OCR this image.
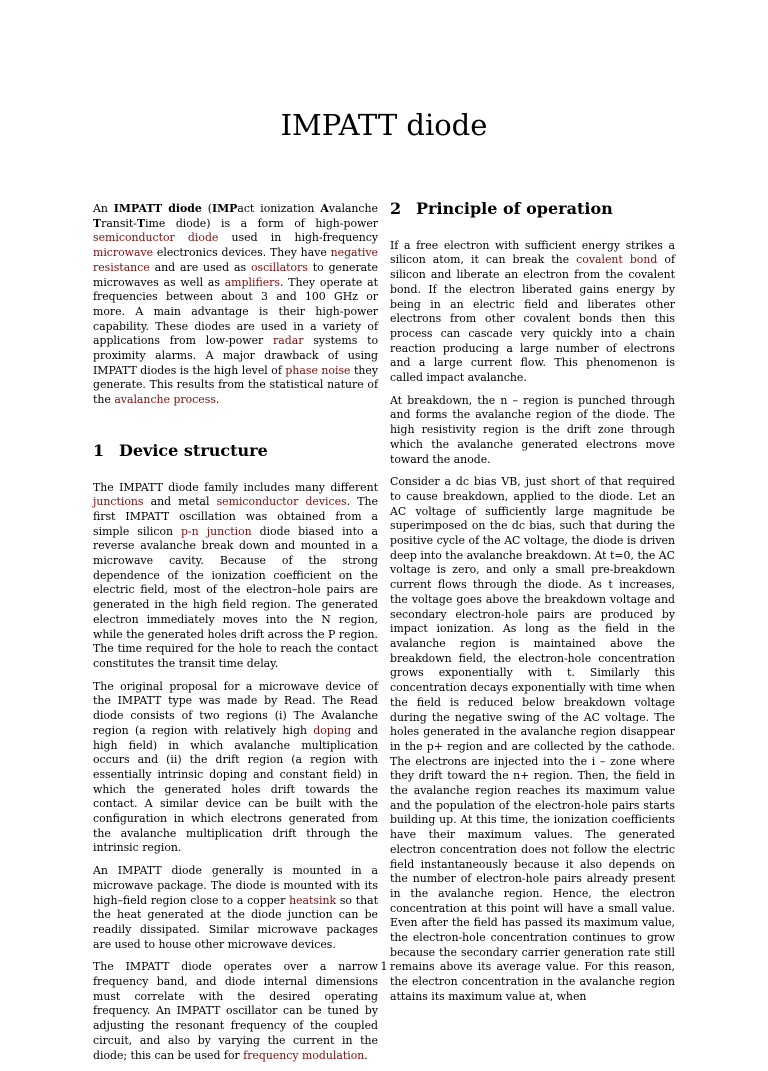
IMPATT diode

An IMPATT diode (IMPact ionization Avalanche Transit-Time diode) is a form of high-power semiconductor diode used in high-frequency microwave electronics devices. They have negative resistance and are used as oscillators to generate microwaves as well as amplifiers. They operate at frequencies between about 3 and 100 GHz or more. A main advantage is their high-power capability. These diodes are used in a variety of applications from low-power radar systems to proximity alarms. A major drawback of using IMPATT diodes is the high level of phase noise they generate. This results from the statistical nature of the avalanche process.

1 Device structure

The IMPATT diode family includes many different junctions and metal semiconductor devices. The first IMPATT oscillation was obtained from a simple silicon p-n junction diode biased into a reverse avalanche break down and mounted in a microwave cavity. Because of the strong dependence of the ionization coefficient on the electric field, most of the electron–hole pairs are generated in the high field region. The generated electron immediately moves into the N region, while the generated holes drift across the P region. The time required for the hole to reach the contact constitutes the transit time delay.

The original proposal for a microwave device of the IMPATT type was made by Read. The Read diode consists of two regions (i) The Avalanche region (a region with relatively high doping and high field) in which avalanche multiplication occurs and (ii) the drift region (a region with essentially intrinsic doping and constant field) in which the generated holes drift towards the contact. A similar device can be built with the configuration in which electrons generated from the avalanche multiplication drift through the intrinsic region.

An IMPATT diode generally is mounted in a microwave package. The diode is mounted with its high–field region close to a copper heatsink so that the heat generated at the diode junction can be readily dissipated. Similar microwave packages are used to house other microwave devices.

The IMPATT diode operates over a narrow frequency band, and diode internal dimensions must correlate with the desired operating frequency. An IMPATT oscillator can be tuned by adjusting the resonant frequency of the coupled circuit, and also by varying the current in the diode; this can be used for frequency modulation.

2 Principle of operation

If a free electron with sufficient energy strikes a silicon atom, it can break the covalent bond of silicon and liberate an electron from the covalent bond. If the electron liberated gains energy by being in an electric field and liberates other electrons from other covalent bonds then this process can cascade very quickly into a chain reaction producing a large number of electrons and a large current flow. This phenomenon is called impact avalanche.

At breakdown, the n – region is punched through and forms the avalanche region of the diode. The high resistivity region is the drift zone through which the avalanche generated electrons move toward the anode.

Consider a dc bias VB, just short of that required to cause breakdown, applied to the diode. Let an AC voltage of sufficiently large magnitude be superimposed on the dc bias, such that during the positive cycle of the AC voltage, the diode is driven deep into the avalanche breakdown. At t=0, the AC voltage is zero, and only a small pre-breakdown current flows through the diode. As t increases, the voltage goes above the breakdown voltage and secondary electron-hole pairs are produced by impact ionization. As long as the field in the avalanche region is maintained above the breakdown field, the electron-hole concentration grows exponentially with t. Similarly this concentration decays exponentially with time when the field is reduced below breakdown voltage during the negative swing of the AC voltage. The holes generated in the avalanche region disappear in the p+ region and are collected by the cathode. The electrons are injected into the i – zone where they drift toward the n+ region. Then, the field in the avalanche region reaches its maximum value and the population of the electron-hole pairs starts building up. At this time, the ionization coefficients have their maximum values. The generated electron concentration does not follow the electric field instantaneously because it also depends on the number of electron-hole pairs already present in the avalanche region. Hence, the electron concentration at this point will have a small value. Even after the field has passed its maximum value, the electron-hole concentration continues to grow because the secondary carrier generation rate still remains above its average value. For this reason, the electron concentration in the avalanche region attains its maximum value at, when

1
